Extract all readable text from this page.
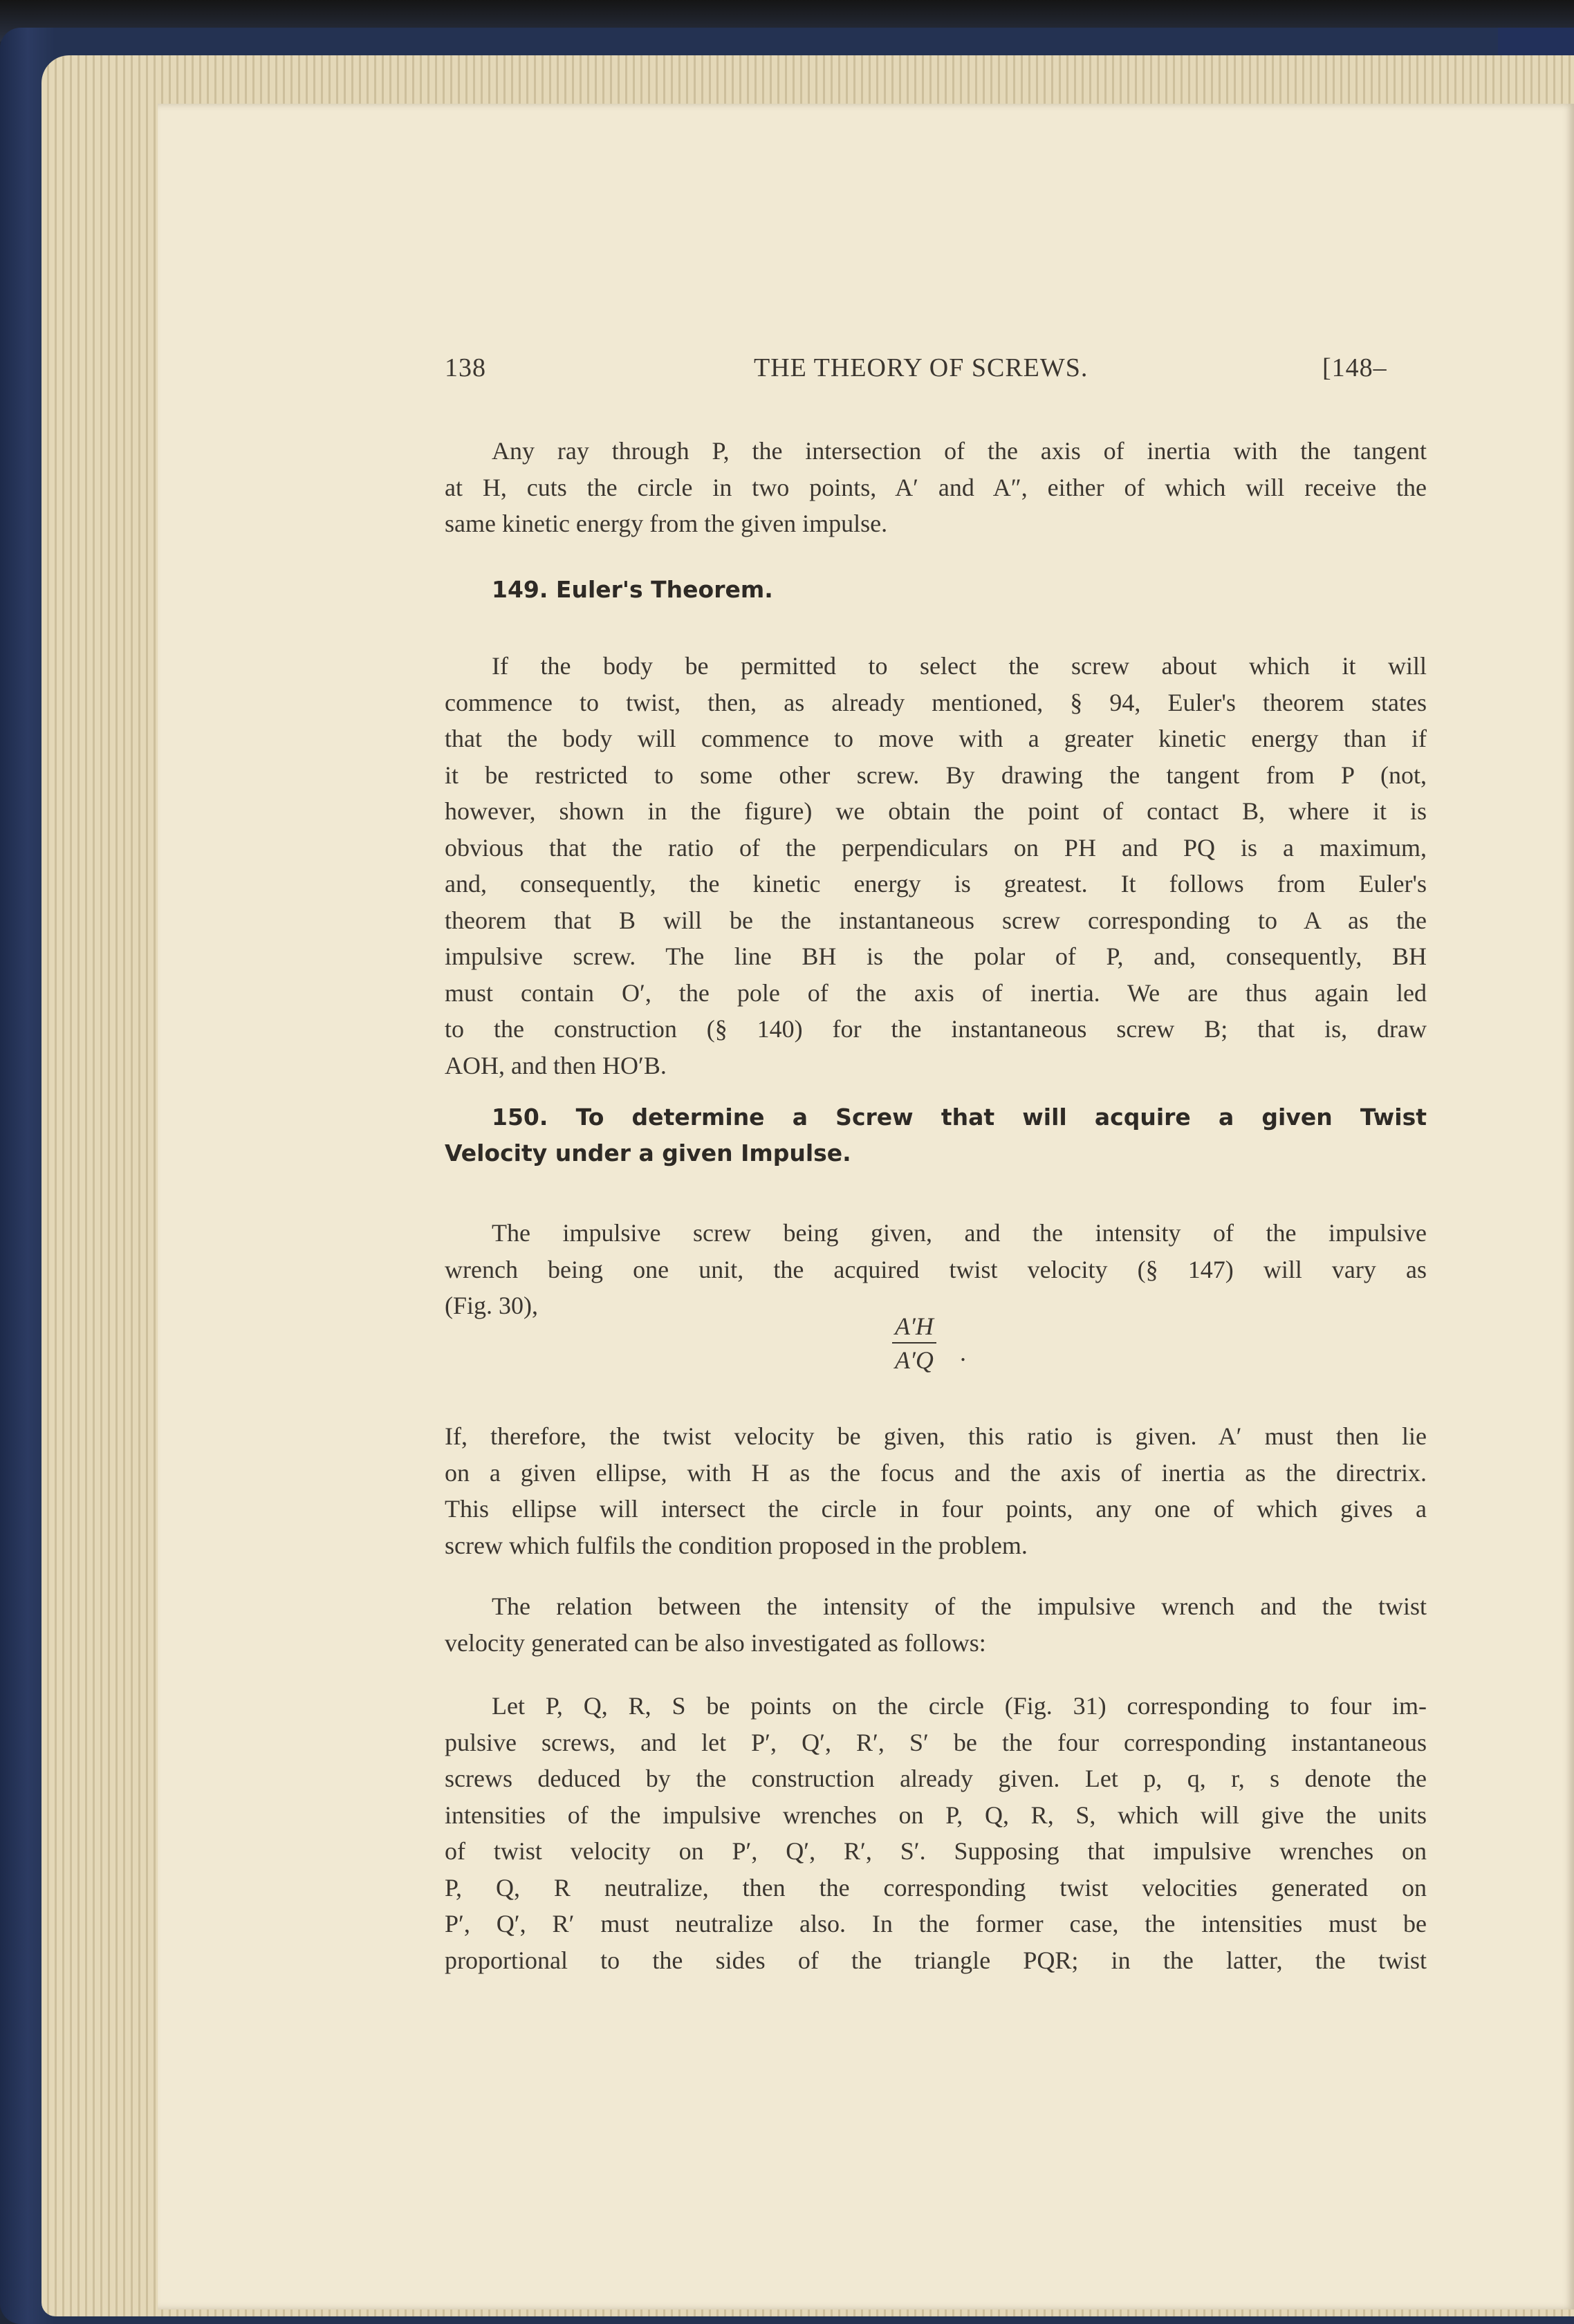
138	THE THEORY OF SCREWS.	[148–
149. Euler's Theorem.
150. To determine a Screw that will acquire a given Twist
Velocity under a given Impulse.
$\frac{A'H}{A'Q}$ .
Any ray through P, the intersection of the axis of inertia with the tangent
at H, cuts the circle in two points, A′ and A″, either of which will receive the
same kinetic energy from the given impulse.
If the body be permitted to select the screw about which it will
commence to twist, then, as already mentioned, § 94, Euler's theorem states
that the body will commence to move with a greater kinetic energy than if
it be restricted to some other screw. By drawing the tangent from P (not,
however, shown in the figure) we obtain the point of contact B, where it is
obvious that the ratio of the perpendiculars on PH and PQ is a maximum,
and, consequently, the kinetic energy is greatest. It follows from Euler's
theorem that B will be the instantaneous screw corresponding to A as the
impulsive screw. The line BH is the polar of P, and, consequently, BH
must contain O′, the pole of the axis of inertia. We are thus again led
to the construction (§ 140) for the instantaneous screw B; that is, draw
AOH, and then HO′B.
The impulsive screw being given, and the intensity of the impulsive
wrench being one unit, the acquired twist velocity (§ 147) will vary as
(Fig. 30),
If, therefore, the twist velocity be given, this ratio is given. A′ must then lie
on a given ellipse, with H as the focus and the axis of inertia as the directrix.
This ellipse will intersect the circle in four points, any one of which gives a
screw which fulfils the condition proposed in the problem.
The relation between the intensity of the impulsive wrench and the twist
velocity generated can be also investigated as follows:
Let P, Q, R, S be points on the circle (Fig. 31) corresponding to four im-
pulsive screws, and let P′, Q′, R′, S′ be the four corresponding instantaneous
screws deduced by the construction already given. Let p, q, r, s denote the
intensities of the impulsive wrenches on P, Q, R, S, which will give the units
of twist velocity on P′, Q′, R′, S′. Supposing that impulsive wrenches on
P, Q, R neutralize, then the corresponding twist velocities generated on
P′, Q′, R′ must neutralize also. In the former case, the intensities must be
proportional to the sides of the triangle PQR; in the latter, the twist
